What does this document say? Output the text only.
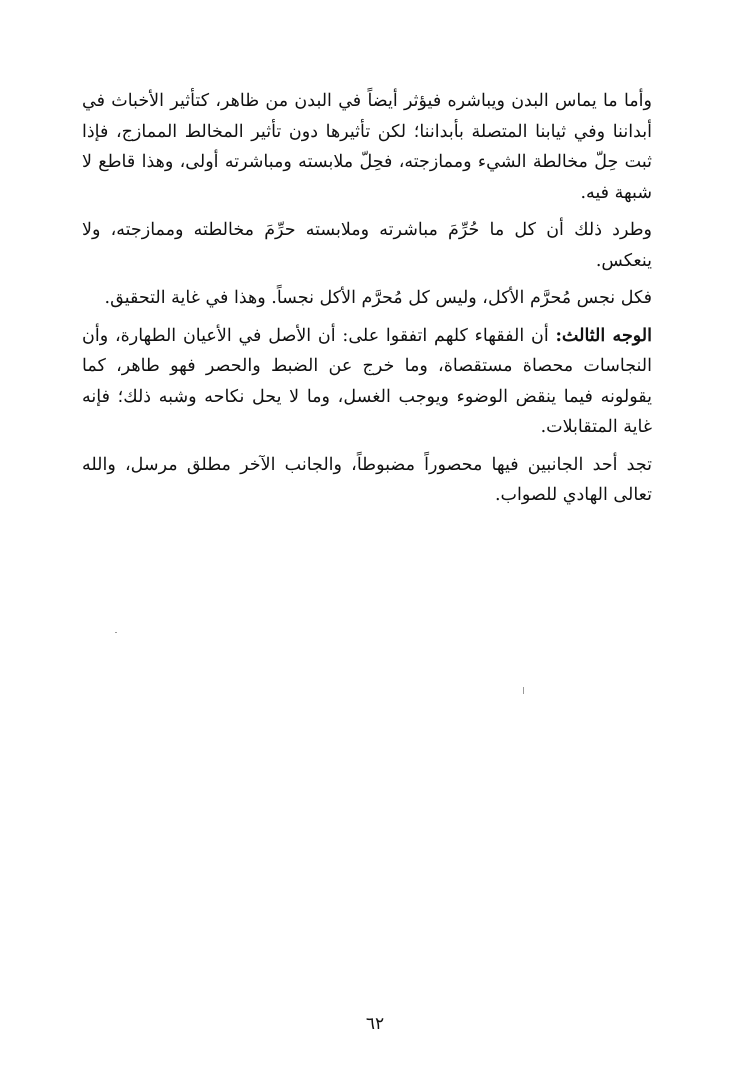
وأما ما يماس البدن ويباشره فيؤثر أيضاً في البدن من ظاهر، كتأثير الأخباث في أبداننا وفي ثيابنا المتصلة بأبداننا؛ لكن تأثيرها دون تأثير المخالط الممازج، فإذا ثبت حِلّ مخالطة الشيء وممازجته، فحِلّ ملابسته ومباشرته أولى، وهذا قاطع لا شبهة فيه.

وطرد ذلك أن كل ما حُرِّمَ مباشرته وملابسته حرِّمَ مخالطته وممازجته، ولا ينعكس.

فكل نجس مُحرَّم الأكل، وليس كل مُحرَّم الأكل نجساً. وهذا في غاية التحقيق.

الوجه الثالث: أن الفقهاء كلهم اتفقوا على: أن الأصل في الأعيان الطهارة، وأن النجاسات محصاة مستقصاة، وما خرج عن الضبط والحصر فهو طاهر، كما يقولونه فيما ينقض الوضوء ويوجب الغسل، وما لا يحل نكاحه وشبه ذلك؛ فإنه غاية المتقابلات.

تجد أحد الجانبين فيها محصوراً مضبوطاً، والجانب الآخر مطلق مرسل، والله تعالى الهادي للصواب.

٦٢
